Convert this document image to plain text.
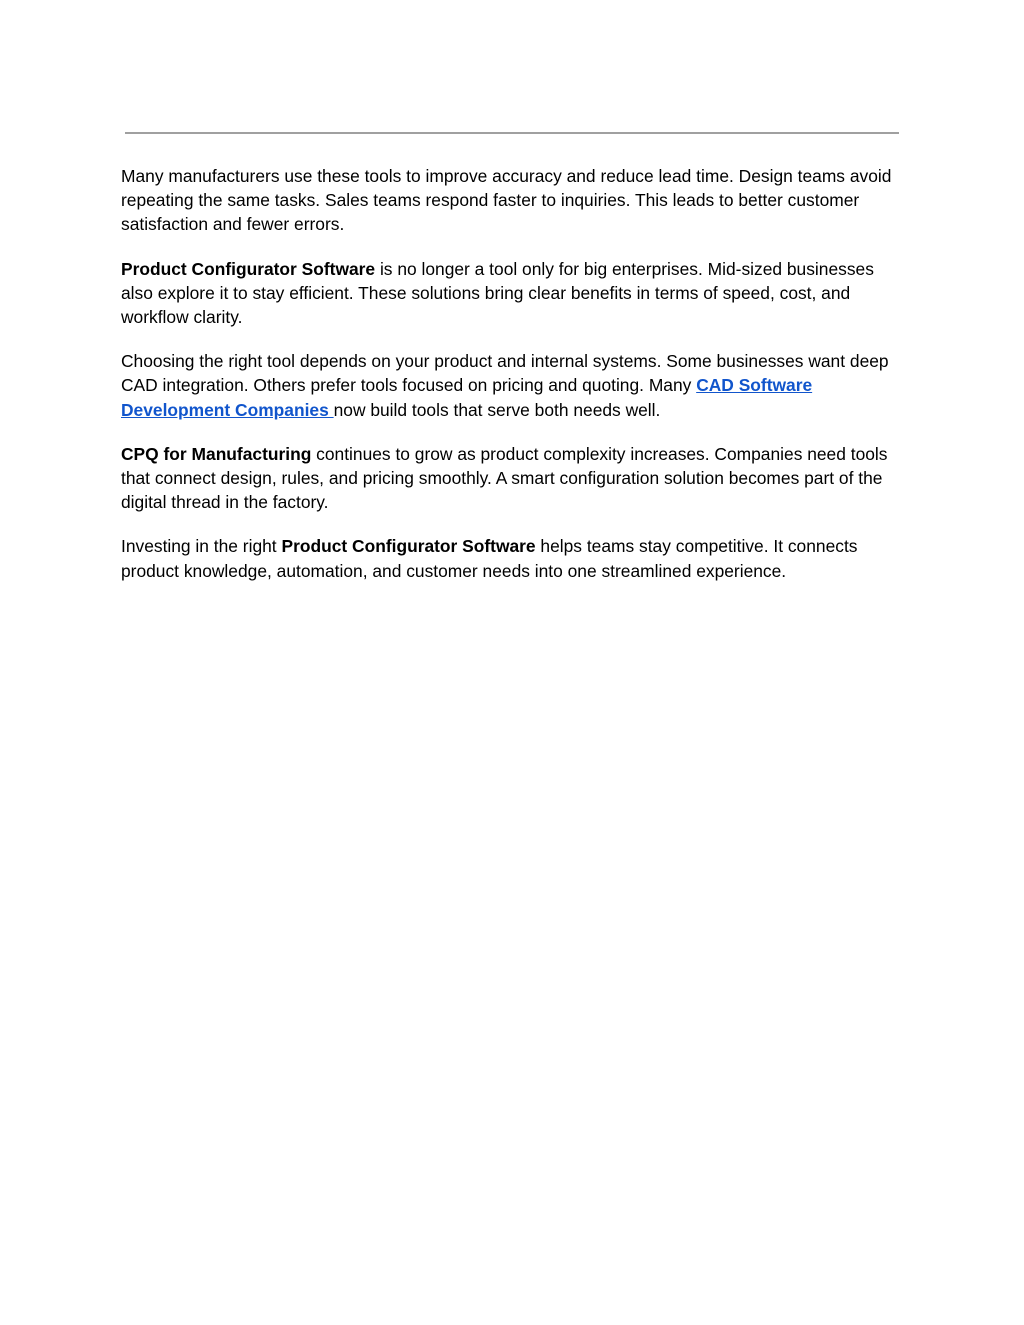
Many manufacturers use these tools to improve accuracy and reduce lead time. Design teams avoid repeating the same tasks. Sales teams respond faster to inquiries. This leads to better customer satisfaction and fewer errors.

Product Configurator Software is no longer a tool only for big enterprises. Mid-sized businesses also explore it to stay efficient. These solutions bring clear benefits in terms of speed, cost, and workflow clarity.

Choosing the right tool depends on your product and internal systems. Some businesses want deep CAD integration. Others prefer tools focused on pricing and quoting. Many CAD Software Development Companies now build tools that serve both needs well.

CPQ for Manufacturing continues to grow as product complexity increases. Companies need tools that connect design, rules, and pricing smoothly. A smart configuration solution becomes part of the digital thread in the factory.

Investing in the right Product Configurator Software helps teams stay competitive. It connects product knowledge, automation, and customer needs into one streamlined experience.
